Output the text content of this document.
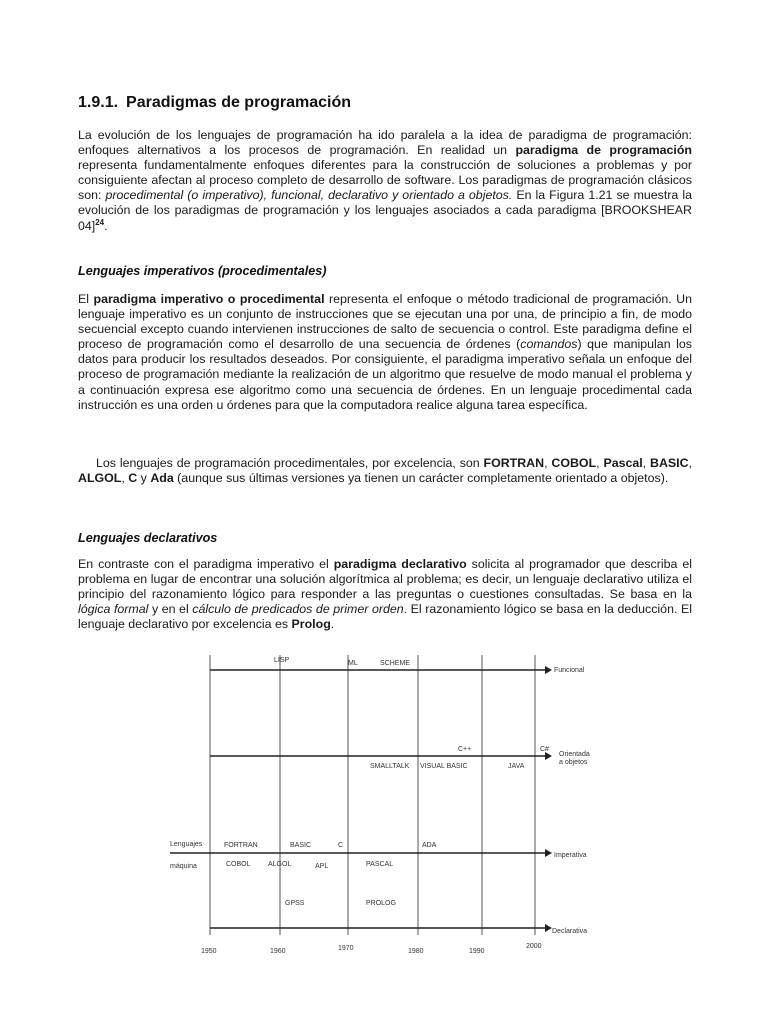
1.9.1. Paradigmas de programación
La evolución de los lenguajes de programación ha ido paralela a la idea de paradigma de programación: enfoques alternativos a los procesos de programación. En realidad un paradigma de programación representa fundamentalmente enfoques diferentes para la construcción de soluciones a problemas y por consiguiente afectan al proceso completo de desarrollo de software. Los paradigmas de programación clásicos son: procedimental (o imperativo), funcional, declarativo y orientado a objetos. En la Figura 1.21 se muestra la evolución de los paradigmas de programación y los lenguajes asociados a cada paradigma [BROOKSHEAR 04]$^{24}$.
Lenguajes imperativos (procedimentales)
El paradigma imperativo o procedimental representa el enfoque o método tradicional de programación. Un lenguaje imperativo es un conjunto de instrucciones que se ejecutan una por una, de principio a fin, de modo secuencial excepto cuando intervienen instrucciones de salto de secuencia o control. Este paradigma define el proceso de programación como el desarrollo de una secuencia de órdenes (comandos) que manipulan los datos para producir los resultados deseados. Por consiguiente, el paradigma imperativo señala un enfoque del proceso de programación mediante la realización de un algoritmo que resuelve de modo manual el problema y a continuación expresa ese algoritmo como una secuencia de órdenes. En un lenguaje procedimental cada instrucción es una orden u órdenes para que la computadora realice alguna tarea específica.
Los lenguajes de programación procedimentales, por excelencia, son FORTRAN, COBOL, Pascal, BASIC, ALGOL, C y Ada (aunque sus últimas versiones ya tienen un carácter completamente orientado a objetos).
Lenguajes declarativos
En contraste con el paradigma imperativo el paradigma declarativo solicita al programador que describa el problema en lugar de encontrar una solución algorítmica al problema; es decir, un lenguaje declarativo utiliza el principio del razonamiento lógico para responder a las preguntas o cuestiones consultadas. Se basa en la lógica formal y en el cálculo de predicados de primer orden. El razonamiento lógico se basa en la deducción. El lenguaje declarativo por excelencia es Prolog.
Funcional
Orientada
a objetos
Imperativa
Declarativa
Lenguajes
máquina
LISP	ML	SCHEME
C++	C#
SMALLTALK VISUAL BASIC	JAVA
FORTRAN	BASIC	C	ADA
COBOL ALGOL	APL	PASCAL
GPSS	PROLOG
1950	1960	1970	1980	1990
2000
